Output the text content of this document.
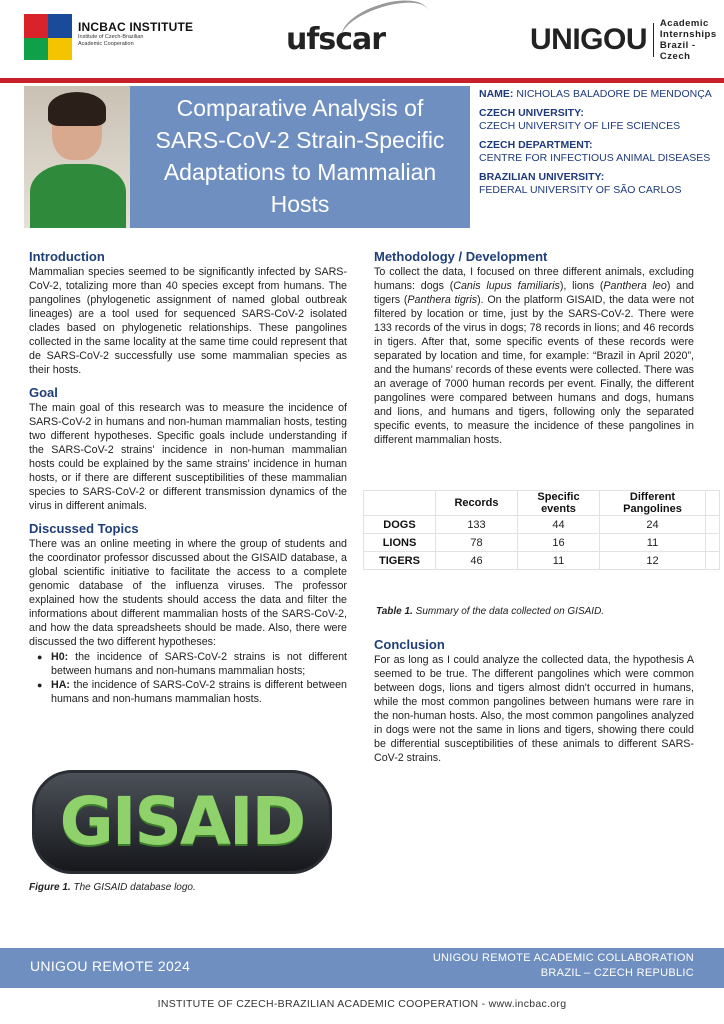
INCBAC INSTITUTE
Institute of Czech-Brazilian Academic Cooperation	ufscar	UNIGOU Academic
Internships
Brazil - Czech
Comparative Analysis of SARS-CoV-2 Strain-Specific Adaptations to Mammalian Hosts
NAME: NICHOLAS BALADORE DE MENDONÇA
CZECH UNIVERSITY:
CZECH UNIVERSITY OF LIFE SCIENCES
CZECH DEPARTMENT:
CENTRE FOR INFECTIOUS ANIMAL DISEASES
BRAZILIAN UNIVERSITY:
FEDERAL UNIVERSITY OF SÃO CARLOS
Introduction

Mammalian species seemed to be significantly infected by SARS-CoV-2, totalizing more than 40 species except from humans. The pangolines (phylogenetic assignment of named global outbreak lineages) are a tool used for sequenced SARS-CoV-2 isolated clades based on phylogenetic relationships. These pangolines collected in the same locality at the same time could represent that de SARS-CoV-2 successfully use some mammalian species as their hosts.

Goal

The main goal of this research was to measure the incidence of SARS-CoV-2 in humans and non-human mammalian hosts, testing two different hypotheses. Specific goals include understanding if the SARS-CoV-2 strains' incidence in non-human mammalian hosts could be explained by the same strains' incidence in human hosts, or if there are different susceptibilities of these mammalian species to SARS-CoV-2 or different transmission dynamics of the virus in different animals.

Discussed Topics

There was an online meeting in where the group of students and the coordinator professor discussed about the GISAID database, a global scientific initiative to facilitate the access to a complete genomic database of the influenza viruses. The professor explained how the students should access the data and filter the informations about different mammalian hosts of the SARS-CoV-2, and how the data spreadsheets should be made. Also, there were discussed the two different hypotheses:

● H0: the incidence of SARS-CoV-2 strains is not different between humans and non-humans mammalian hosts;
● HA: the incidence of SARS-CoV-2 strains is different between humans and non-humans mammalian hosts.
GISAID
Figure 1. The GISAID database logo.
Methodology / Development

To collect the data, I focused on three different animals, excluding humans: dogs (Canis lupus familiaris), lions (Panthera leo) and tigers (Panthera tigris). On the platform GISAID, the data were not filtered by location or time, just by the SARS-CoV-2. There were 133 records of the virus in dogs; 78 records in lions; and 46 records in tigers. After that, some specific events of these records were separated by location and time, for example: “Brazil in April 2020”, and the humans' records of these events were collected. There was an average of 7000 human records per event. Finally, the different pangolines were compared between humans and dogs, humans and lions, and humans and tigers, following only the separated specific events, to measure the incidence of these pangolines in different mammalian hosts.

	Records	Specific events	Different Pangolines	
DOGS	133	44	24	
LIONS	78	16	11	
TIGERS	46	11	12	
Table 1. Summary of the data collected on GISAID.
Conclusion

For as long as I could analyze the collected data, the hypothesis A seemed to be true. The different pangolines which were common between dogs, lions and tigers almost didn't occurred in humans, while the most common pangolines between humans were rare in the non-human hosts. Also, the most common pangolines analyzed in dogs were not the same in lions and tigers, showing there could be differential susceptibilities of these animals to different SARS-CoV-2 strains.

UNIGOU REMOTE 2024	UNIGOU REMOTE ACADEMIC COLLABORATION
BRAZIL – CZECH REPUBLIC
INSTITUTE OF CZECH-BRAZILIAN ACADEMIC COOPERATION - www.incbac.org
